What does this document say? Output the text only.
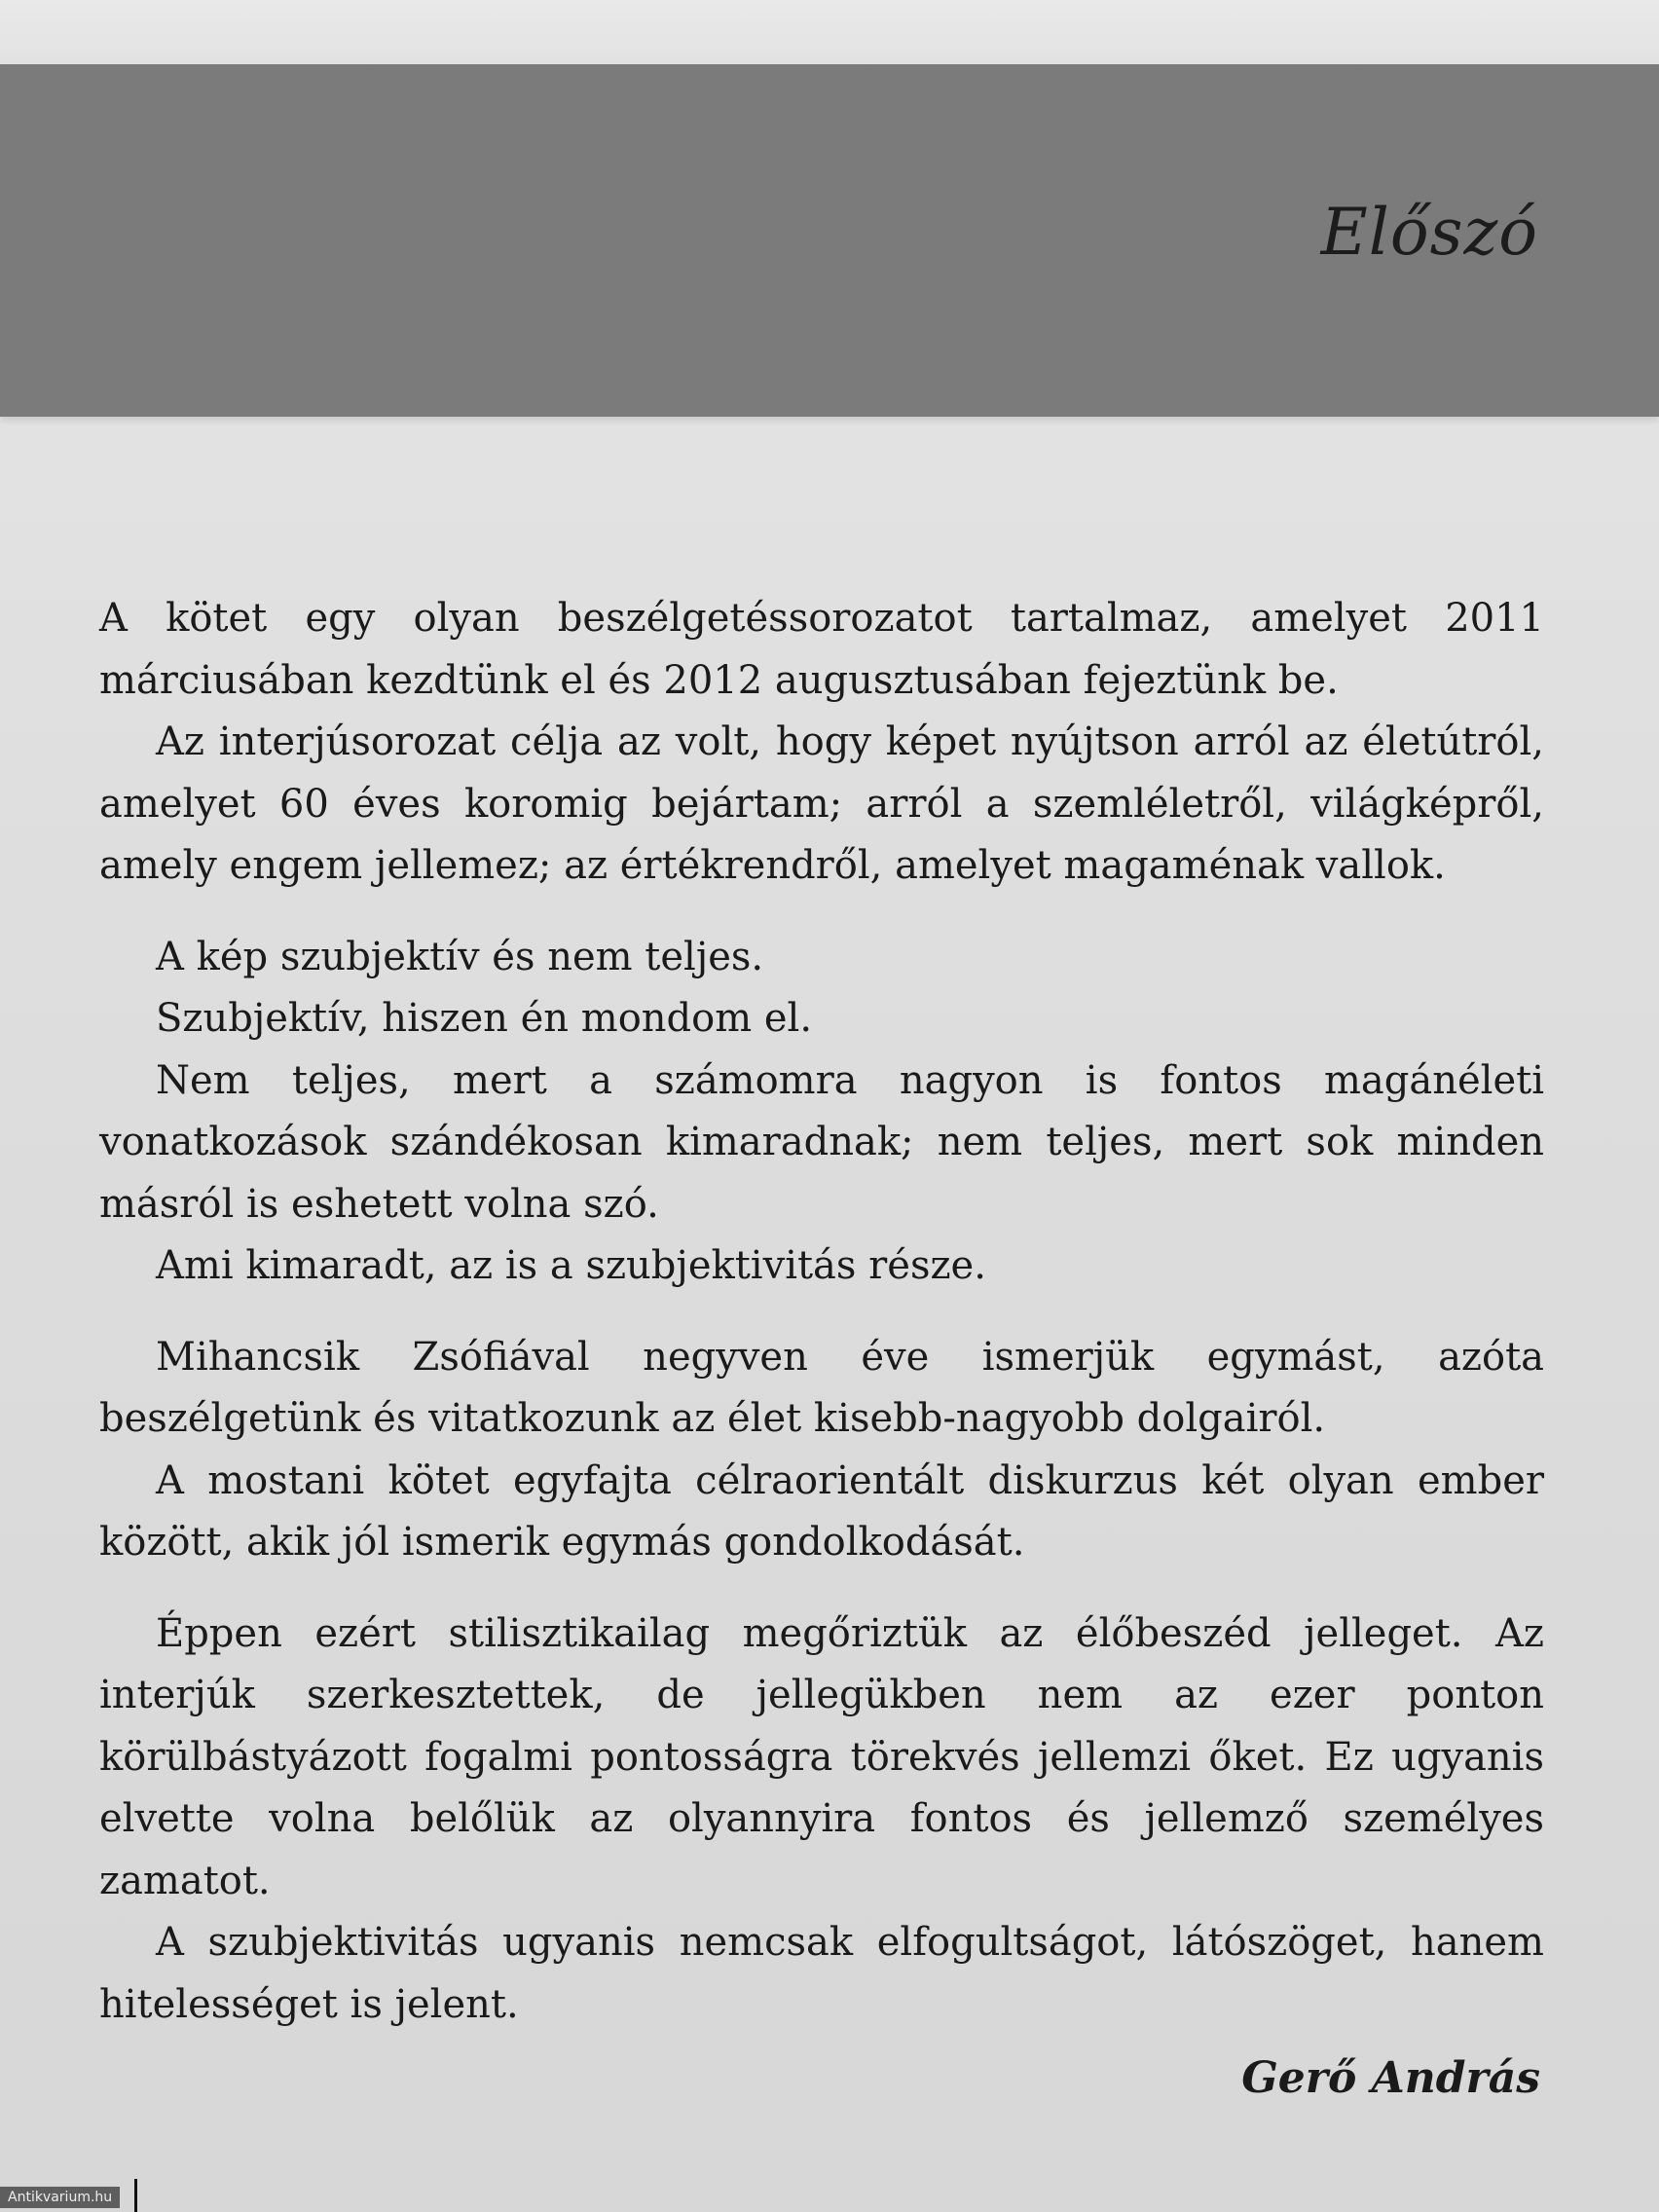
Előszó

A kötet egy olyan beszélgetéssorozatot tartalmaz, amelyet 2011 márciusában kezdtünk el és 2012 augusztusában fejeztünk be.

Az interjúsorozat célja az volt, hogy képet nyújtson arról az életútról, amelyet 60 éves koromig bejártam; arról a szemléletről, világképről, amely engem jellemez; az értékrendről, amelyet magaménak vallok.

A kép szubjektív és nem teljes.

Szubjektív, hiszen én mondom el.

Nem teljes, mert a számomra nagyon is fontos magánéleti vonatkozások szándékosan kimaradnak; nem teljes, mert sok minden másról is eshetett volna szó.

Ami kimaradt, az is a szubjektivitás része.

Mihancsik Zsófiával negyven éve ismerjük egymást, azóta beszélgetünk és vitatkozunk az élet kisebb-nagyobb dolgairól.

A mostani kötet egyfajta célraorientált diskurzus két olyan ember között, akik jól ismerik egymás gondolkodását.

Éppen ezért stilisztikailag megőriztük az élőbeszéd jelleget. Az interjúk szerkesztettek, de jellegükben nem az ezer ponton körülbástyázott fogalmi pontosságra törekvés jellemzi őket. Ez ugyanis elvette volna belőlük az olyannyira fontos és jellemző személyes zamatot.

A szubjektivitás ugyanis nemcsak elfogultságot, látószöget, hanem hitelességet is jelent.

Gerő András

Antikvarium.hu
